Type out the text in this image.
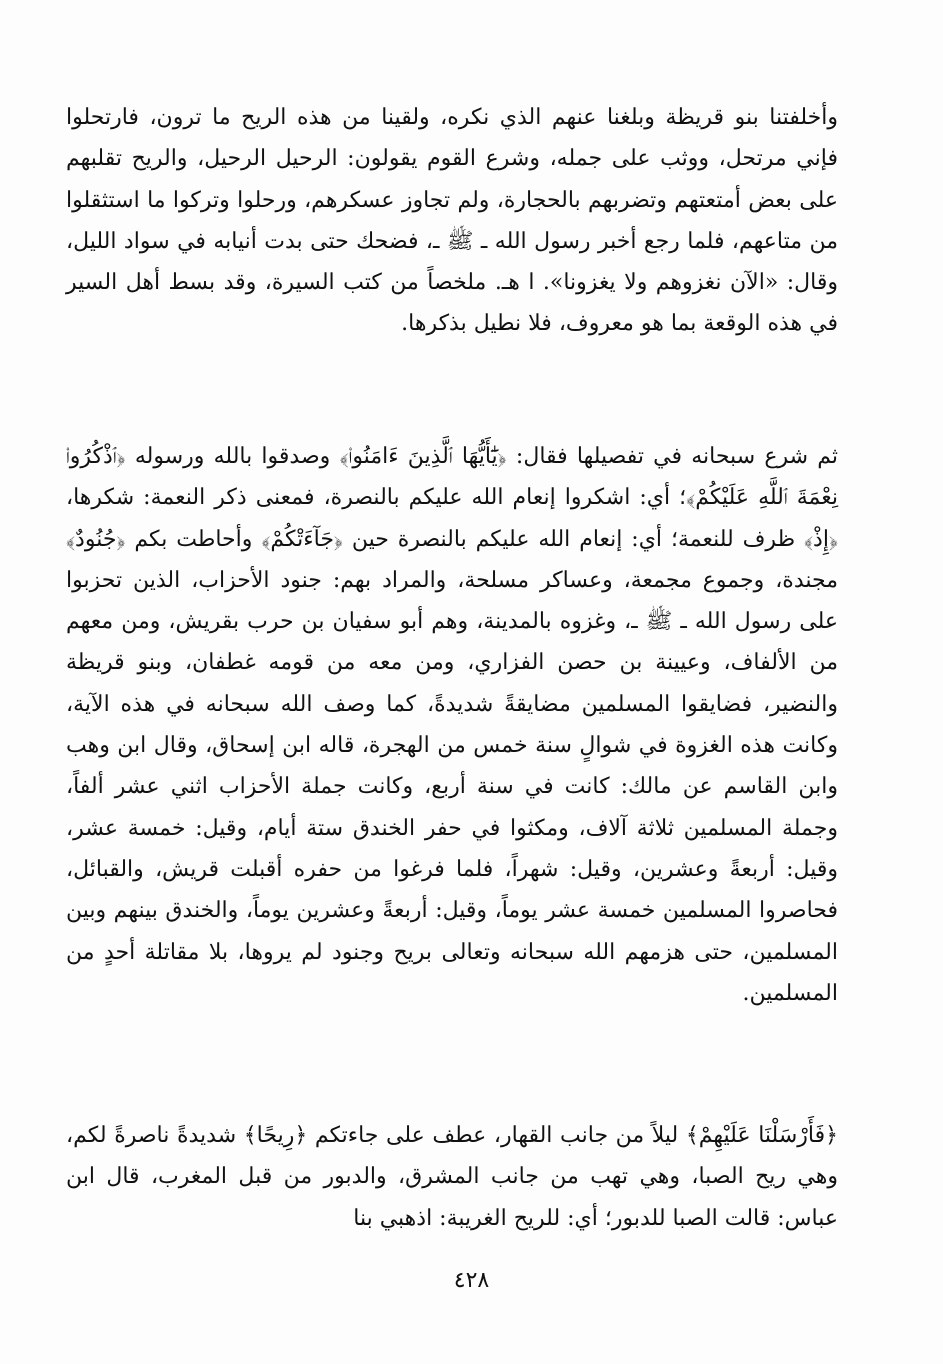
وأخلفتنا بنو قريظة وبلغنا عنهم الذي نكره، ولقينا من هذه الريح ما ترون، فارتحلوا فإني مرتحل، ووثب على جمله، وشرع القوم يقولون: الرحيل الرحيل، والريح تقلبهم على بعض أمتعتهم وتضربهم بالحجارة، ولم تجاوز عسكرهم، ورحلوا وتركوا ما استثقلوا من متاعهم، فلما رجع أخبر رسول الله ـ ﷺ ـ، فضحك حتى بدت أنيابه في سواد الليل، وقال: «الآن نغزوهم ولا يغزونا». ا هـ. ملخصاً من كتب السيرة، وقد بسط أهل السير في هذه الوقعة بما هو معروف، فلا نطيل بذكرها.

ثم شرع سبحانه في تفصيلها فقال: ﴿يَٰٓأَيُّهَا ٱلَّذِينَ ءَامَنُوا۟﴾ وصدقوا بالله ورسوله ﴿ٱذْكُرُوا۟ نِعْمَةَ ٱللَّهِ عَلَيْكُمْ﴾؛ أي: اشكروا إنعام الله عليكم بالنصرة، فمعنى ذكر النعمة: شكرها، ﴿إِذْ﴾ ظرف للنعمة؛ أي: إنعام الله عليكم بالنصرة حين ﴿جَآءَتْكُمْ﴾ وأحاطت بكم ﴿جُنُودٌ﴾ مجندة، وجموع مجمعة، وعساكر مسلحة، والمراد بهم: جنود الأحزاب، الذين تحزبوا على رسول الله ـ ﷺ ـ، وغزوه بالمدينة، وهم أبو سفيان بن حرب بقريش، ومن معهم من الألفاف، وعيينة بن حصن الفزاري، ومن معه من قومه غطفان، وبنو قريظة والنضير، فضايقوا المسلمين مضايقةً شديدةً، كما وصف الله سبحانه في هذه الآية، وكانت هذه الغزوة في شوالٍ سنة خمس من الهجرة، قاله ابن إسحاق، وقال ابن وهب وابن القاسم عن مالك: كانت في سنة أربع، وكانت جملة الأحزاب اثني عشر ألفاً، وجملة المسلمين ثلاثة آلاف، ومكثوا في حفر الخندق ستة أيام، وقيل: خمسة عشر، وقيل: أربعةً وعشرين، وقيل: شهراً، فلما فرغوا من حفره أقبلت قريش، والقبائل، فحاصروا المسلمين خمسة عشر يوماً، وقيل: أربعةً وعشرين يوماً، والخندق بينهم وبين المسلمين، حتى هزمهم الله سبحانه وتعالى بريح وجنود لم يروها، بلا مقاتلة أحدٍ من المسلمين.

﴿فَأَرْسَلْنَا عَلَيْهِمْ﴾ ليلاً من جانب القهار، عطف على جاءتكم ﴿رِيحًا﴾ شديدةً ناصرةً لكم، وهي ريح الصبا، وهي تهب من جانب المشرق، والدبور من قبل المغرب، قال ابن عباس: قالت الصبا للدبور؛ أي: للريح الغريبة: اذهبي بنا

٤٢٨
